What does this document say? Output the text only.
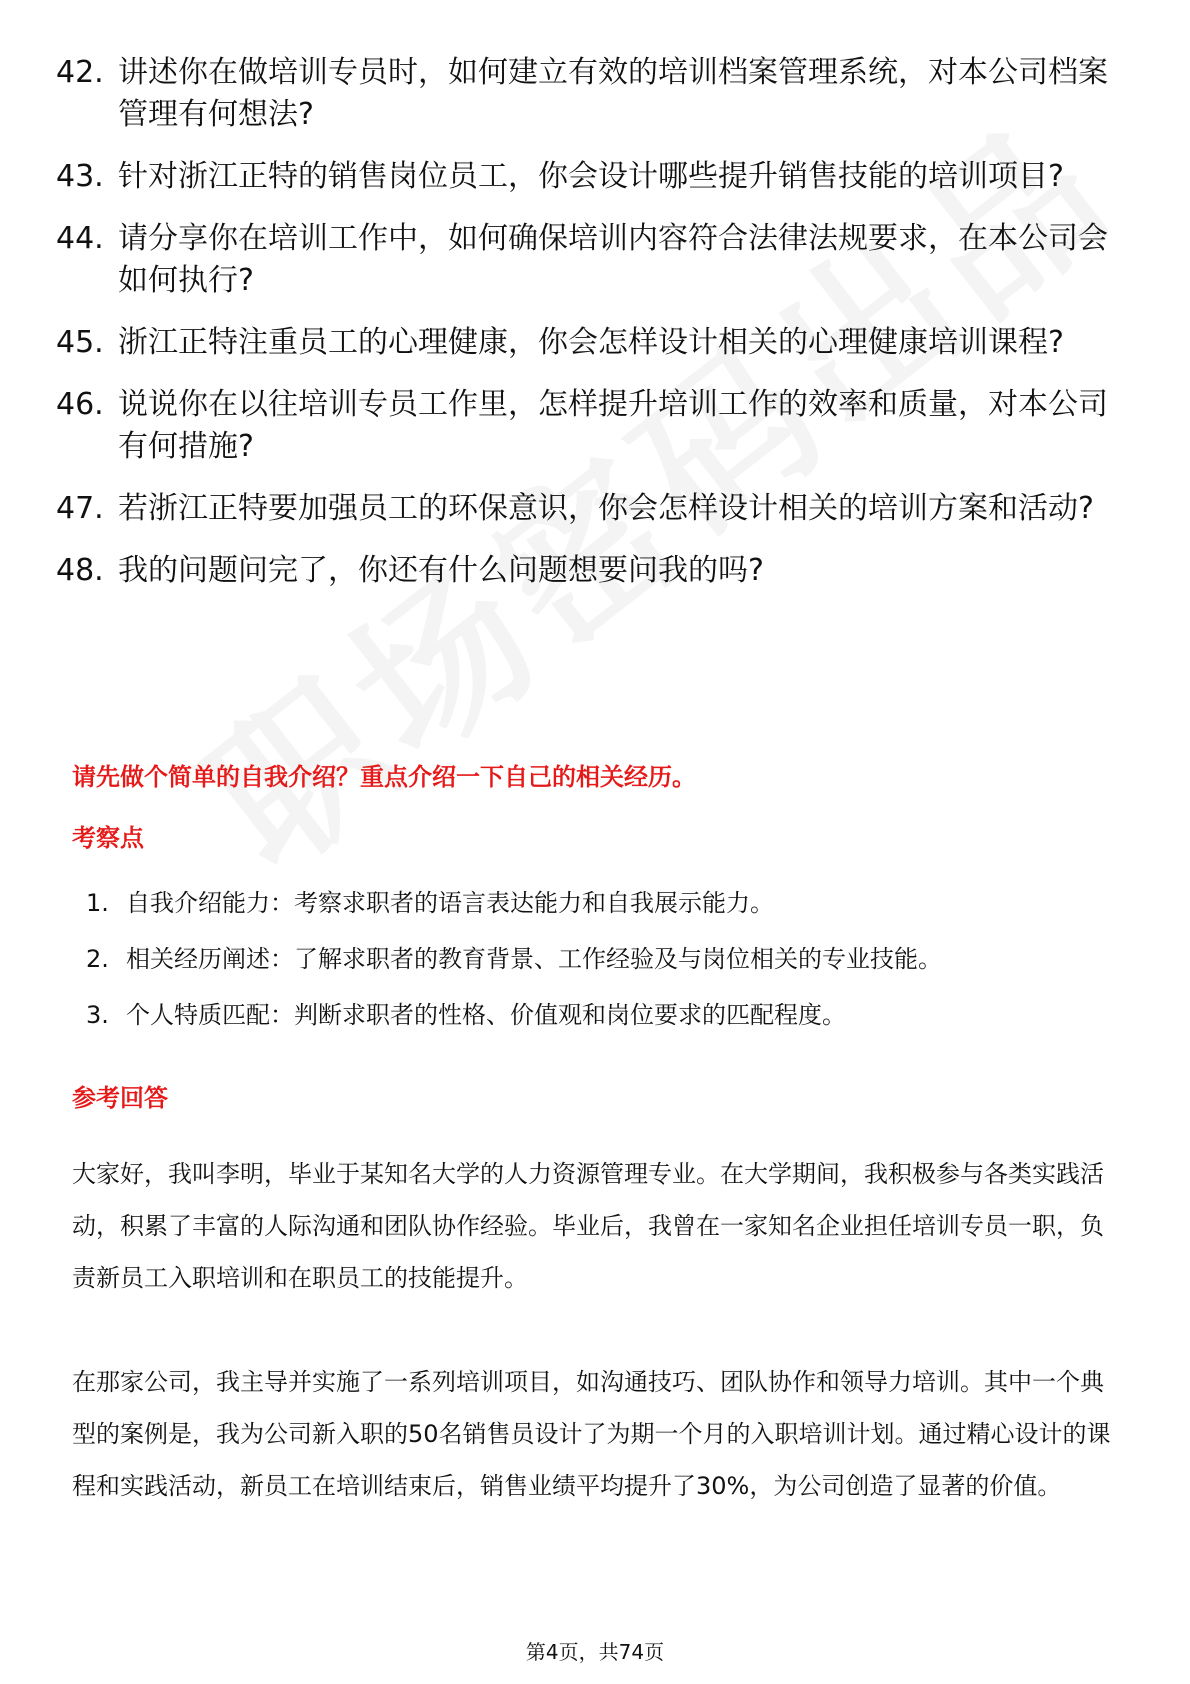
42. 讲述你在做培训专员时，如何建立有效的培训档案管理系统，对本公司档案管理有何想法?
43. 针对浙江正特的销售岗位员工，你会设计哪些提升销售技能的培训项目?
44. 请分享你在培训工作中，如何确保培训内容符合法律法规要求，在本公司会如何执行?
45. 浙江正特注重员工的心理健康，你会怎样设计相关的心理健康培训课程?
46. 说说你在以往培训专员工作里，怎样提升培训工作的效率和质量，对本公司有何措施?
47. 若浙江正特要加强员工的环保意识，你会怎样设计相关的培训方案和活动?
48. 我的问题问完了，你还有什么问题想要问我的吗?
请先做个简单的自我介绍？重点介绍一下自己的相关经历。
考察点
1. 自我介绍能力：考察求职者的语言表达能力和自我展示能力。
2. 相关经历阐述：了解求职者的教育背景、工作经验及与岗位相关的专业技能。
3. 个人特质匹配：判断求职者的性格、价值观和岗位要求的匹配程度。
参考回答

大家好，我叫李明，毕业于某知名大学的人力资源管理专业。在大学期间，我积极参与各类实践活动，积累了丰富的人际沟通和团队协作经验。毕业后，我曾在一家知名企业担任培训专员一职，负责新员工入职培训和在职员工的技能提升。

在那家公司，我主导并实施了一系列培训项目，如沟通技巧、团队协作和领导力培训。其中一个典型的案例是，我为公司新入职的50名销售员设计了为期一个月的入职培训计划。通过精心设计的课程和实践活动，新员工在培训结束后，销售业绩平均提升了30%，为公司创造了显著的价值。

第4页，共74页
